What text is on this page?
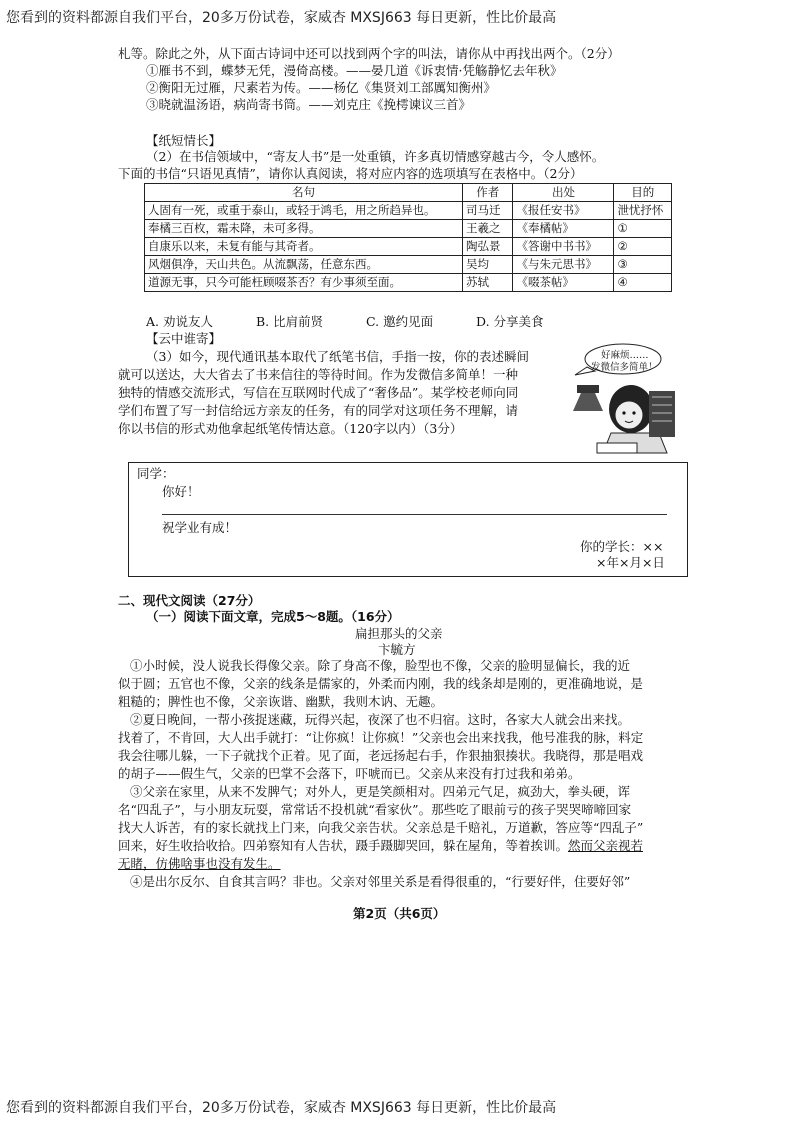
您看到的资料都源自我们平台，20多万份试卷，家威杏 MXSJ663 每日更新，性比价最高
札等。除此之外，从下面古诗词中还可以找到两个字的叫法，请你从中再找出两个。（2分）
①雁书不到，蝶梦无凭，漫倚高楼。——晏几道《诉衷情·凭觞静忆去年秋》
②衡阳无过雁，尺素若为传。——杨亿《集贤刘工部厲知衡州》
③晓就温汤语，病尚寄书筒。——刘克庄《挽樗谏议三首》
【纸短情长】
（2）在书信领域中，“寄友人书”是一处重镇，许多真切情感穿越古今，令人感怀。
下面的书信“只语见真情”，请你认真阅读，将对应内容的选项填写在表格中。（2分）
名句	作者	出处	目的
人固有一死，或重于泰山，或轻于鸿毛，用之所趋异也。	司马迁	《报任安书》	泄忧抒怀
奉橘三百枚，霜未降，未可多得。	王羲之	《奉橘帖》	①
自康乐以来，未复有能与其奇者。	陶弘景	《答谢中书书》	②
风烟俱净，天山共色。从流飘荡，任意东西。	吴均	《与朱元思书》	③
道源无事，只今可能枉顾啜茶否？有少事须至面。	苏轼	《啜茶帖》	④
A. 劝说友人	B. 比肩前贤	C. 邀约见面	D. 分享美食
【云中谁寄】
（3）如今，现代通讯基本取代了纸笔书信，手指一按，你的表述瞬间
就可以送达，大大省去了书来信往的等待时间。作为发微信多简单！一种
独特的情感交流形式，写信在互联网时代成了“奢侈品”。某学校老师向同
学们布置了写一封信给远方亲友的任务，有的同学对这项任务不理解，请
你以书信的形式劝他拿起纸笔传情达意。（120字以内）（3分）
好麻烦……
发微信多简单！
同学：
你好！
祝学业有成！
你的学长：××
×年×月×日
二、现代文阅读（27分）
（一）阅读下面文章，完成5～8题。（16分）
扁担那头的父亲
卞毓方
①小时候，没人说我长得像父亲。除了身高不像，脸型也不像，父亲的脸明显偏长，我的近
似于圆；五官也不像，父亲的线条是儒家的，外柔而内刚，我的线条却是刚的，更准确地说，是
粗糙的；脾性也不像，父亲诙谐、幽默，我则木讷、无趣。
②夏日晚间，一帮小孩捉迷藏，玩得兴起，夜深了也不归宿。这时，各家大人就会出来找。
找着了，不肯回，大人出手就打：“让你疯！让你疯！”父亲也会出来找我，他号准我的脉，料定
我会往哪儿躲，一下子就找个正着。见了面，老远扬起右手，作狠抽狠揍状。我晓得，那是唱戏
的胡子——假生气，父亲的巴掌不会落下，吓唬而已。父亲从来没有打过我和弟弟。
③父亲在家里，从来不发脾气；对外人，更是笑颜相对。四弟元气足，疯劲大，拳头硬，诨
名“四乱子”，与小朋友玩耍，常常话不投机就“看家伙”。那些吃了眼前亏的孩子哭哭啼啼回家
找大人诉苦，有的家长就找上门来，向我父亲告状。父亲总是千赔礼，万道歉，答应等“四乱子”
回来，好生收拾收拾。四弟察知有人告状，蹑手蹑脚哭回，躲在屋角，等着挨训。然而父亲视若
无睹，仿佛啥事也没有发生。
④是出尔反尔、自食其言吗？非也。父亲对邻里关系是看得很重的，“行要好伴，住要好邻”
第2页（共6页）
您看到的资料都源自我们平台，20多万份试卷，家威杏 MXSJ663 每日更新，性比价最高
